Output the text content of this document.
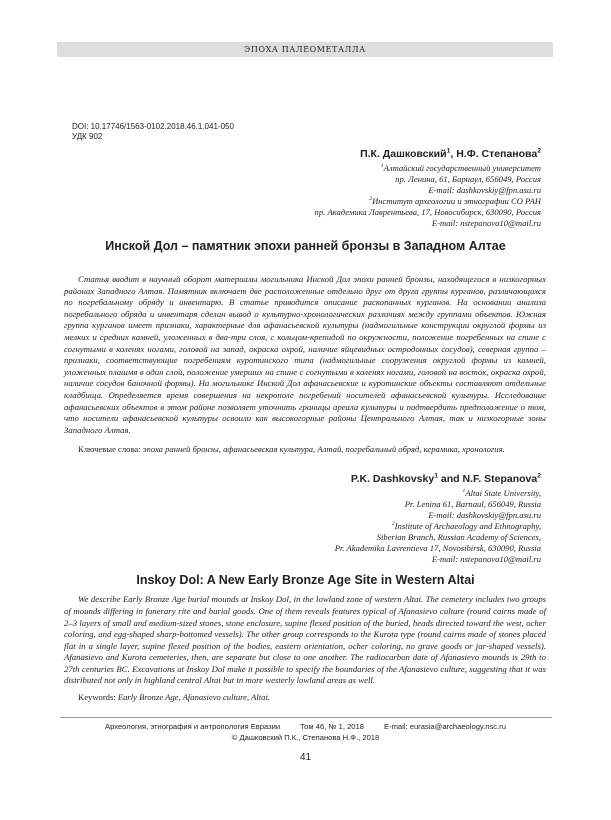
ЭПОХА ПАЛЕОМЕТАЛЛА
DOI: 10.17746/1563-0102.2018.46.1.041-050
УДК 902
П.К. Дашковский$^1$, Н.Ф. Степанова$^2$
$^1$Алтайский государственный университет
пр. Ленина, 61, Барнаул, 656049, Россия
E-mail: dashkovskiy@fpn.asu.ru
$^2$Институт археологии и этнографии СО РАН
пр. Академика Лаврентьева, 17, Новосибирск, 630090, Россия
E-mail: nstepanova10@mail.ru
Инской Дол – памятник эпохи ранней бронзы в Западном Алтае

Статья вводит в научный оборот материалы могильника Инской Дол эпохи ранней бронзы, находящегося в низкогорных районах Западного Алтая. Памятник включает две расположенные отдельно друг от друга группы курганов, различающихся по погребальному обряду и инвентарю. В статье приводится описание раскопанных курганов. На основании анализа погребального обряда и инвентаря сделан вывод о культурно-хронологических различиях между группами объектов. Южная группа курганов имеет признаки, характерные для афанасьевской культуры (надмогильные конструкции округлой формы из мелких и средних камней, уложенных в два-три слоя, с кольцом-крепидой по окружности, положение погребенных на спине с согнутыми в коленях ногами, головой на запад, окраска охрой, наличие яйцевидных остродонных сосудов), северная группа – признаки, соответствующие погребениям куротинского типа (надмогильные сооружения округлой формы из камней, уложенных плашмя в один слой, положение умерших на спине с согнутыми в коленях ногами, головой на восток, окраска охрой, наличие сосудов баночной формы). На могильнике Инской Дол афанасьевские и куротинские объекты составляют отдельные кладбища. Определяется время совершения на некрополе погребений носителей афанасьевской культуры. Исследование афанасьевских объектов в этом районе позволяет уточнить границы ареала культуры и подтвердить предположение о том, что носители афанасьевской культуры освоили как высокогорные районы Центрального Алтая, так и низкогорные зоны Западного Алтая.

Ключевые слова: эпоха ранней бронзы, афанасьевская культура, Алтай, погребальный обряд, керамика, хронология.
P.K. Dashkovsky$^1$ and N.F. Stepanova$^2$
$^1$Altai State University,
Pr. Lenina 61, Barnaul, 656049, Russia
E-mail: dashkovskiy@fpn.asu.ru
$^2$Institute of Archaeology and Ethnography,
Siberian Branch, Russian Academy of Sciences,
Pr. Akademika Lavrentieva 17, Novosibirsk, 630090, Russia
E-mail: nstepanova10@mail.ru
Inskoy Dol: A New Early Bronze Age Site in Western Altai

We describe Early Bronze Age burial mounds at Inskoy Dol, in the lowland zone of western Altai. The cemetery includes two groups of mounds differing in funerary rite and burial goods. One of them reveals features typical of Afanasievo culture (round cairns made of 2–3 layers of small and medium-sized stones, stone enclosure, supine flexed position of the buried, heads directed toward the west, ocher coloring, and egg-shaped sharp-bottomed vessels). The other group corresponds to the Kurota type (round cairns made of stones placed flat in a single layer, supine flexed position of the bodies, eastern orientation, ocher coloring, no grave goods or jar-shaped vessels). Afanasievo and Kurota cemeteries, then, are separate but close to one another. The radiocarbon date of Afanasievo mounds is 29th to 27th centuries BC. Excavations at Inskoy Dol make it possible to specify the boundaries of the Afanasievo culture, suggesting that it was distributed not only in highland central Altai but in more westerly lowland areas as well.

Keywords: Early Bronze Age, Afanasievo culture, Altai.
Археология, этнография и антропология Евразии	Том 46, № 1, 2018	E-mail: eurasia@archaeology.nsc.ru
© Дашковский П.К., Степанова Н.Ф., 2018
41
